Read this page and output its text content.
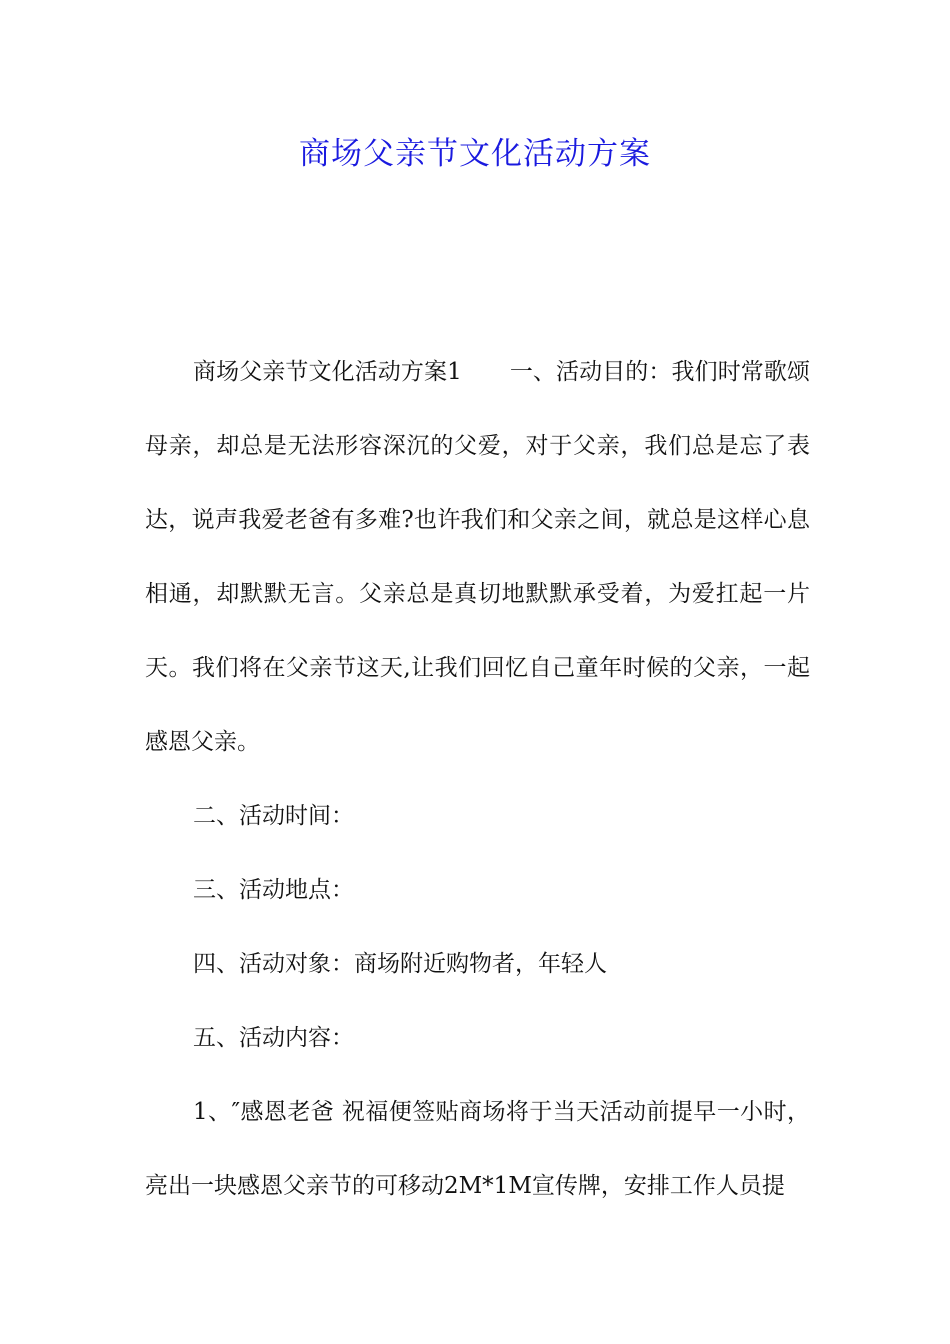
商场父亲节文化活动方案

商场父亲节文化活动方案1 一、活动目的：我们时常歌颂母亲，却总是无法形容深沉的父爱，对于父亲，我们总是忘了表达，说声我爱老爸有多难?也许我们和父亲之间，就总是这样心息相通，却默默无言。父亲总是真切地默默承受着，为爱扛起一片天。我们将在父亲节这天,让我们回忆自己童年时候的父亲，一起感恩父亲。

二、活动时间：

三、活动地点：

四、活动对象：商场附近购物者，年轻人

五、活动内容：

1、″感恩老爸 祝福便签贴商场将于当天活动前提早一小时，亮出一块感恩父亲节的可移动2M*1M宣传牌，安排工作人员提
